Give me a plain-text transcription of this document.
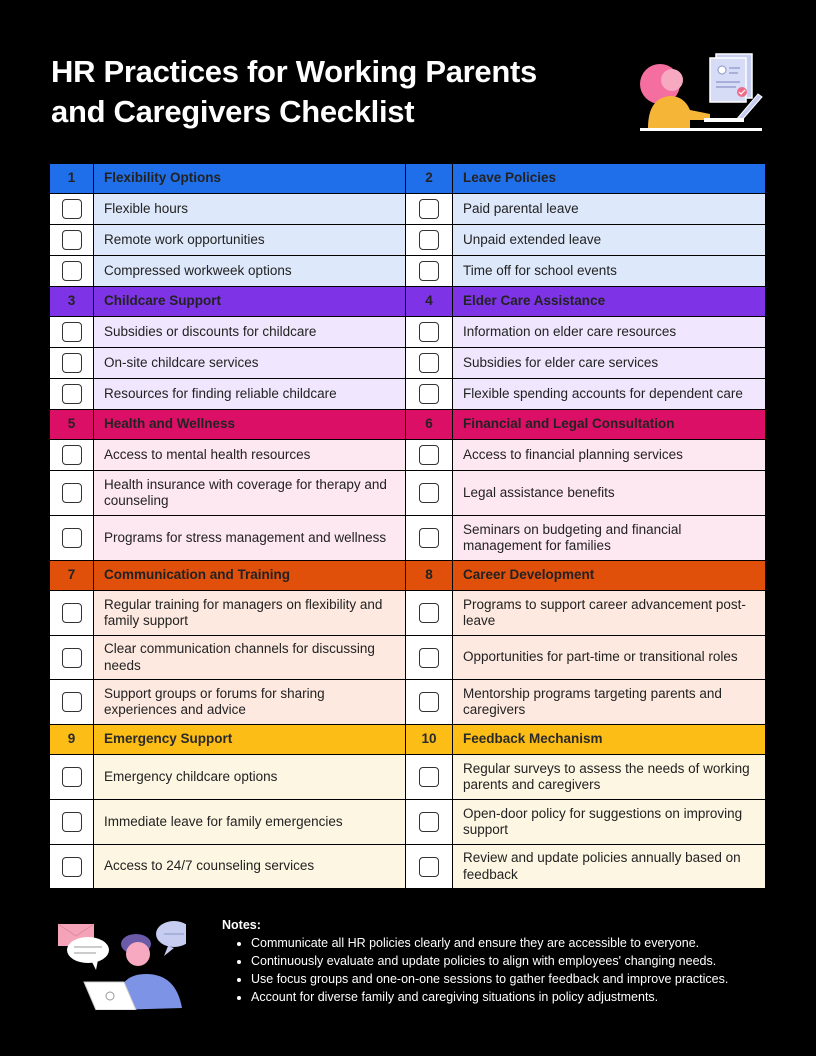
HR Practices for Working Parents
and Caregivers Checklist
1	Flexibility Options	2	Leave Policies
	Flexible hours		Paid parental leave
	Remote work opportunities		Unpaid extended leave
	Compressed workweek options		Time off for school events
3	Childcare Support	4	Elder Care Assistance
	Subsidies or discounts for childcare		Information on elder care resources
	On-site childcare services		Subsidies for elder care services
	Resources for finding reliable childcare		Flexible spending accounts for dependent care
5	Health and Wellness	6	Financial and Legal Consultation
	Access to mental health resources		Access to financial planning services
	Health insurance with coverage for therapy and counseling		Legal assistance benefits
	Programs for stress management and wellness		Seminars on budgeting and financial management for families
7	Communication and Training	8	Career Development
	Regular training for managers on flexibility and family support		Programs to support career advancement post-leave
	Clear communication channels for discussing needs		Opportunities for part-time or transitional roles
	Support groups or forums for sharing experiences and advice		Mentorship programs targeting parents and caregivers
9	Emergency Support	10	Feedback Mechanism
	Emergency childcare options		Regular surveys to assess the needs of working parents and caregivers
	Immediate leave for family emergencies		Open-door policy for suggestions on improving support
	Access to 24/7 counseling services		Review and update policies annually based on feedback
Notes:
• Communicate all HR policies clearly and ensure they are accessible to everyone.
• Continuously evaluate and update policies to align with employees' changing needs.
• Use focus groups and one-on-one sessions to gather feedback and improve practices.
• Account for diverse family and caregiving situations in policy adjustments.
